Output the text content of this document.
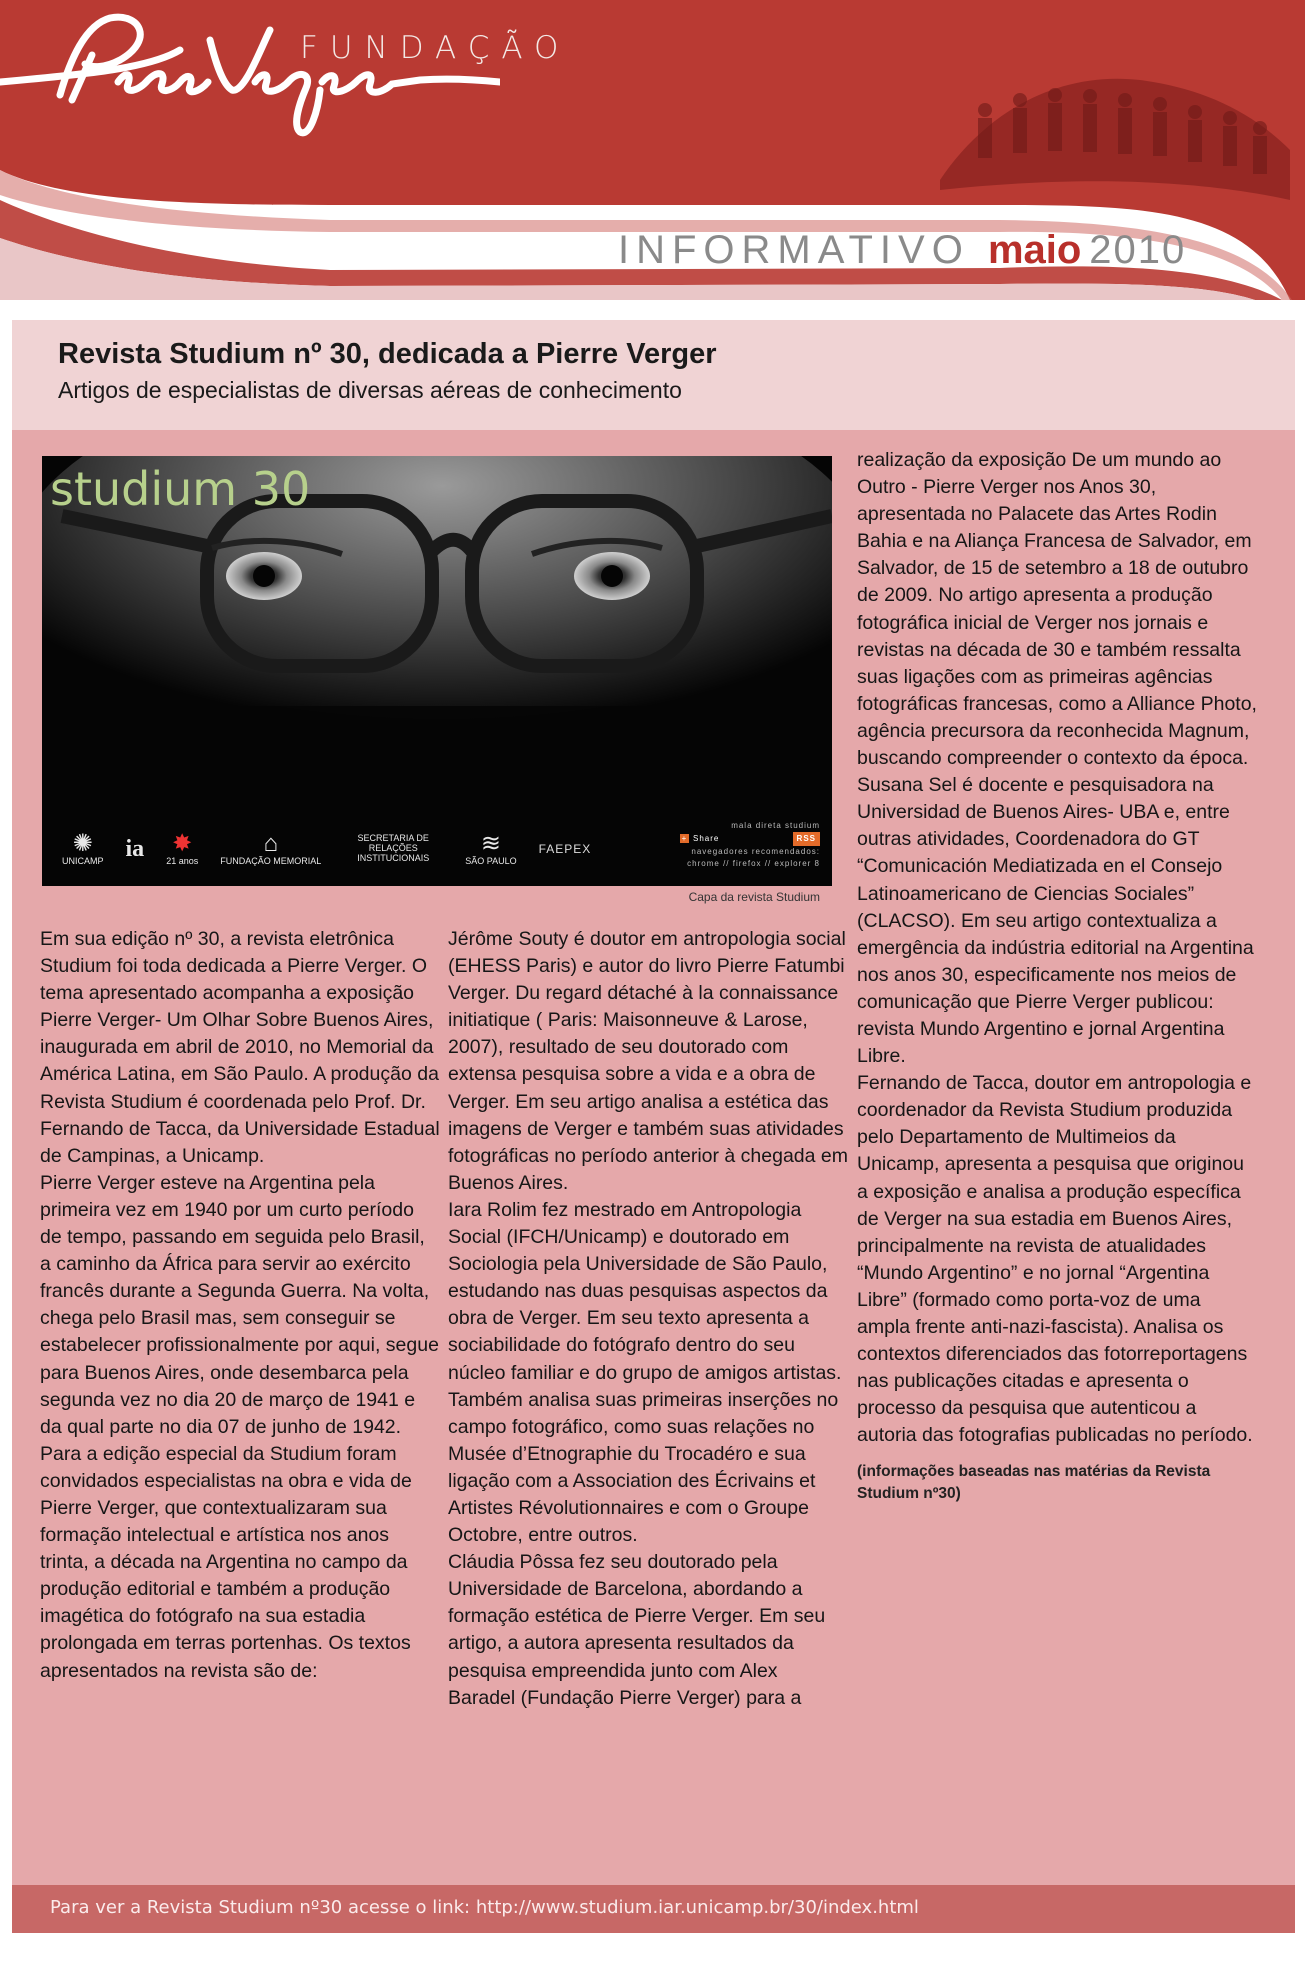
FUNDAÇÃO
INFORMATIVO maio 2010
Revista Studium nº 30, dedicada a Pierre Verger
Artigos de especialistas de diversas aéreas de conhecimento
studium 30
✺
UNICAMP ia ✸
21 anos
⌂
FUNDAÇÃO MEMORIAL
SECRETARIA DE RELAÇÕES INSTITUCIONAIS
≋
SÃO PAULO
FAEPEX
mala direta studium
+ Share	RSS
navegadores recomendados:
chrome // firefox // explorer 8
Capa da revista Studium

Em sua edição nº 30, a revista eletrônica Studium foi toda dedicada a Pierre Verger. O tema apresentado acompanha a exposição Pierre Verger- Um Olhar Sobre Buenos Aires, inaugurada em abril de 2010, no Memorial da América Latina, em São Paulo. A produção da Revista Studium é coordenada pelo Prof. Dr. Fernando de Tacca, da Universidade Estadual de Campinas, a Unicamp.

Pierre Verger esteve na Argentina pela primeira vez em 1940 por um curto período de tempo, passando em seguida pelo Brasil, a caminho da África para servir ao exército francês durante a Segunda Guerra. Na volta, chega pelo Brasil mas, sem conseguir se estabelecer profissionalmente por aqui, segue para Buenos Aires, onde desembarca pela segunda vez no dia 20 de março de 1941 e da qual parte no dia 07 de junho de 1942.

Para a edição especial da Studium foram convidados especialistas na obra e vida de Pierre Verger, que contextualizaram sua formação intelectual e artística nos anos trinta, a década na Argentina no campo da produção editorial e também a produção imagética do fotógrafo na sua estadia prolongada em terras portenhas. Os textos apresentados na revista são de:

Jérôme Souty é doutor em antropologia social (EHESS Paris) e autor do livro Pierre Fatumbi Verger. Du regard détaché à la connaissance initiatique ( Paris: Maisonneuve & Larose, 2007), resultado de seu doutorado com extensa pesquisa sobre a vida e a obra de Verger. Em seu artigo analisa a estética das imagens de Verger e também suas atividades fotográficas no período anterior à chegada em Buenos Aires.

Iara Rolim fez mestrado em Antropologia Social (IFCH/Unicamp) e doutorado em Sociologia pela Universidade de São Paulo, estudando nas duas pesquisas aspectos da obra de Verger. Em seu texto apresenta a sociabilidade do fotógrafo dentro do seu núcleo familiar e do grupo de amigos artistas. Também analisa suas primeiras inserções no campo fotográfico, como suas relações no Musée d’Etnographie du Trocadéro e sua ligação com a Association des Écrivains et Artistes Révolutionnaires e com o Groupe Octobre, entre outros.

Cláudia Pôssa fez seu doutorado pela Universidade de Barcelona, abordando a formação estética de Pierre Verger. Em seu artigo, a autora apresenta resultados da pesquisa empreendida junto com Alex Baradel (Fundação Pierre Verger) para a

realização da exposição De um mundo ao Outro - Pierre Verger nos Anos 30, apresentada no Palacete das Artes Rodin Bahia e na Aliança Francesa de Salvador, em Salvador, de 15 de setembro a 18 de outubro de 2009. No artigo apresenta a produção fotográfica inicial de Verger nos jornais e revistas na década de 30 e também ressalta suas ligações com as primeiras agências fotográficas francesas, como a Alliance Photo, agência precursora da reconhecida Magnum, buscando compreender o contexto da época.

Susana Sel é docente e pesquisadora na Universidad de Buenos Aires- UBA e, entre outras atividades, Coordenadora do GT “Comunicación Mediatizada en el Consejo Latinoamericano de Ciencias Sociales” (CLACSO). Em seu artigo contextualiza a emergência da indústria editorial na Argentina nos anos 30, especificamente nos meios de comunicação que Pierre Verger publicou: revista Mundo Argentino e jornal Argentina Libre.

Fernando de Tacca, doutor em antropologia e coordenador da Revista Studium produzida pelo Departamento de Multimeios da Unicamp, apresenta a pesquisa que originou a exposição e analisa a produção específica de Verger na sua estadia em Buenos Aires, principalmente na revista de atualidades “Mundo Argentino” e no jornal “Argentina Libre” (formado como porta-voz de uma ampla frente anti-nazi-fascista). Analisa os contextos diferenciados das fotorreportagens nas publicações citadas e apresenta o processo da pesquisa que autenticou a autoria das fotografias publicadas no período.

(informações baseadas nas matérias da Revista Studium nº30)

Para ver a Revista Studium nº30 acesse o link: http://www.studium.iar.unicamp.br/30/index.html
